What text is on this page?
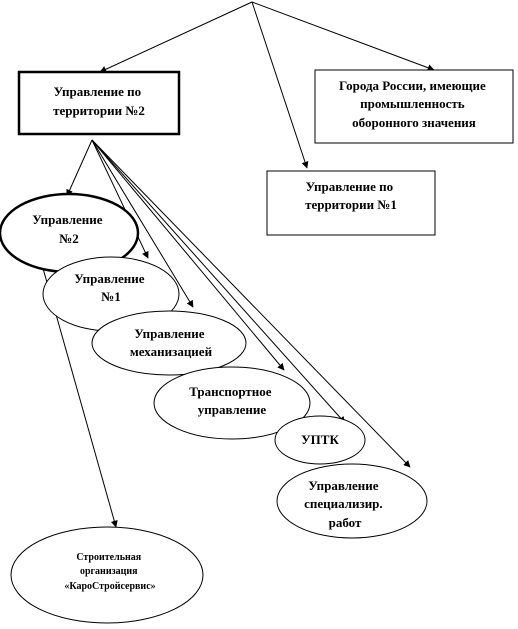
Управление по территории №2
Города России, имеющие промышленность оборонного значения
Управление по территории №1
Управление №2
Управление №1
Управление механизацией
Транспортное управление
УПТК
Управление специализир. работ
Строительная организация «КароСтройсервис»
